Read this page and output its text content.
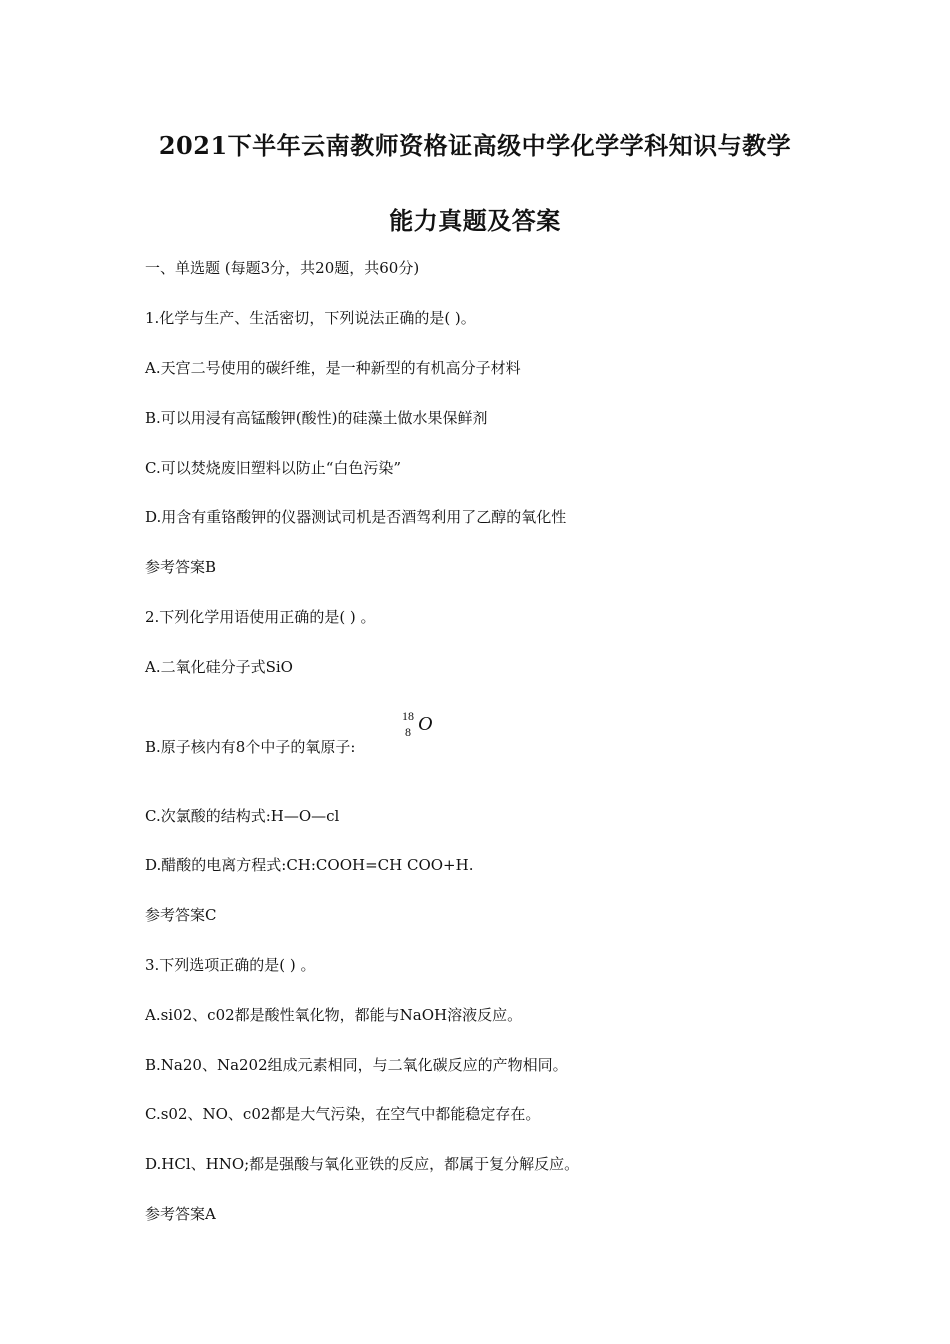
2021下半年云南教师资格证高级中学化学学科知识与教学
能力真题及答案
一、单选题 (每题3分，共20题，共60分)
1.化学与生产、生活密切，下列说法正确的是( )。
A.天宫二号使用的碳纤维，是一种新型的有机高分子材料
B.可以用浸有高锰酸钾(酸性)的硅藻土做水果保鲜剂
C.可以焚烧废旧塑料以防止“白色污染”
D.用含有重铬酸钾的仪器测试司机是否酒驾利用了乙醇的氧化性
参考答案B
2.下列化学用语使用正确的是( ) 。
A.二氧化硅分子式SiO
B.原子核内有8个中子的氧原子:
18
8 O
C.次氯酸的结构式:H—O—cl
D.醋酸的电离方程式:CH:COOH=CH COO+H.
参考答案C
3.下列选项正确的是( ) 。
A.si02、c02都是酸性氧化物，都能与NaOH溶液反应。
B.Na20、Na202组成元素相同，与二氧化碳反应的产物相同。
C.s02、NO、c02都是大气污染，在空气中都能稳定存在。
D.HCl、HNO;都是强酸与氧化亚铁的反应，都属于复分解反应。
参考答案A
